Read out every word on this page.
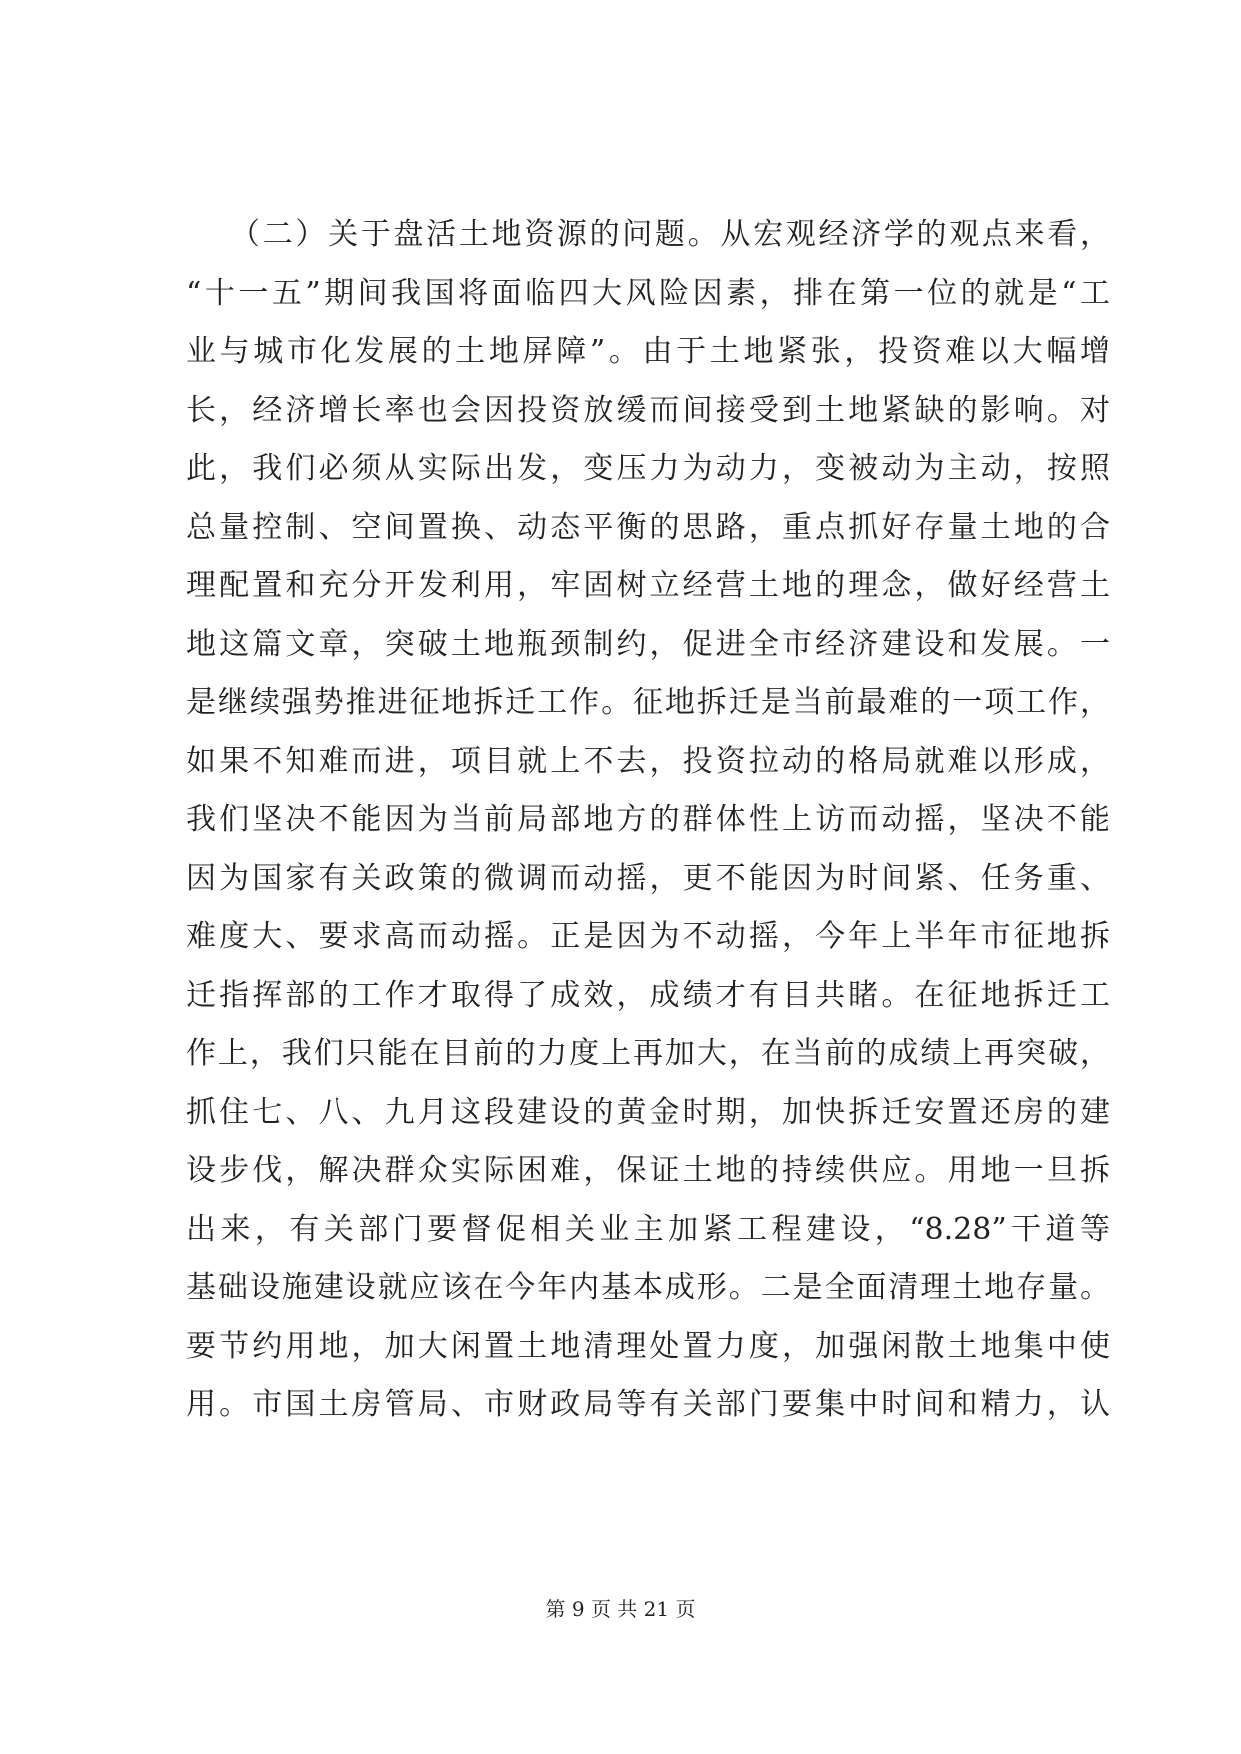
（二）关于盘活土地资源的问题。从宏观经济学的观点来看，
“十一五”期间我国将面临四大风险因素，排在第一位的就是“工
业与城市化发展的土地屏障”。由于土地紧张，投资难以大幅增
长，经济增长率也会因投资放缓而间接受到土地紧缺的影响。对
此，我们必须从实际出发，变压力为动力，变被动为主动，按照
总量控制、空间置换、动态平衡的思路，重点抓好存量土地的合
理配置和充分开发利用，牢固树立经营土地的理念，做好经营土
地这篇文章，突破土地瓶颈制约，促进全市经济建设和发展。一
是继续强势推进征地拆迁工作。征地拆迁是当前最难的一项工作，
如果不知难而进，项目就上不去，投资拉动的格局就难以形成，
我们坚决不能因为当前局部地方的群体性上访而动摇，坚决不能
因为国家有关政策的微调而动摇，更不能因为时间紧、任务重、
难度大、要求高而动摇。正是因为不动摇，今年上半年市征地拆
迁指挥部的工作才取得了成效，成绩才有目共睹。在征地拆迁工
作上，我们只能在目前的力度上再加大，在当前的成绩上再突破，
抓住七、八、九月这段建设的黄金时期，加快拆迁安置还房的建
设步伐，解决群众实际困难，保证土地的持续供应。用地一旦拆
出来，有关部门要督促相关业主加紧工程建设，“8.28”干道等
基础设施建设就应该在今年内基本成形。二是全面清理土地存量。
要节约用地，加大闲置土地清理处置力度，加强闲散土地集中使
用。市国土房管局、市财政局等有关部门要集中时间和精力，认
第 9 页 共 21 页
